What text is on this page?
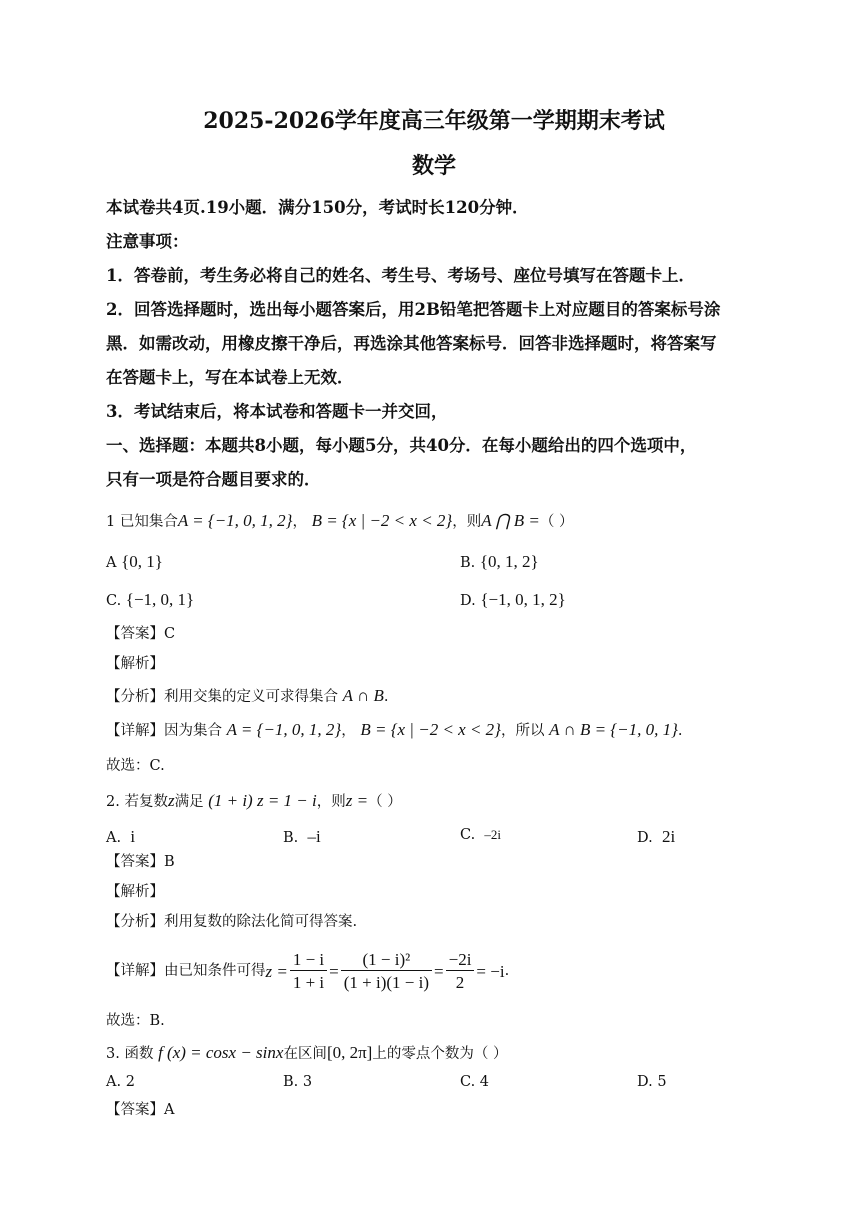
2025-2026学年度高三年级第一学期期末考试
数学
本试卷共4页.19小题．满分150分，考试时长120分钟．
注意事项：
1．答卷前，考生务必将自己的姓名、考生号、考场号、座位号填写在答题卡上．
2．回答选择题时，选出每小题答案后，用2B铅笔把答题卡上对应题目的答案标号涂
黑．如需改动，用橡皮擦干净后，再选涂其他答案标号．回答非选择题时，将答案写
在答题卡上，写在本试卷上无效．
3．考试结束后，将本试卷和答题卡一并交回，
一、选择题：本题共8小题，每小题5分，共40分．在每小题给出的四个选项中，
只有一项是符合题目要求的．
1 已知集合A = {−1, 0, 1, 2}， B = {x | −2 < x < 2}，则A ⋂ B =（ ）
A {0, 1}	B. {0, 1, 2}
C. {−1, 0, 1}	D. {−1, 0, 1, 2}
【答案】C
【解析】
【分析】利用交集的定义可求得集合 A ∩ B.
【详解】因为集合 A = {−1, 0, 1, 2}， B = {x | −2 < x < 2}，所以 A ∩ B = {−1, 0, 1}.
故选：C.
2. 若复数z满足 (1 + i) z = 1 − i，则z =（ ）
A. i	B. –i	C. –2i	D. 2i
【答案】B
【解析】
【分析】利用复数的除法化简可得答案.
【详解】由已知条件可得 $z = \frac{1 - i}{1 + i} = \frac{\text{(1 − i)²}}{(1 + i)(1 - i)} = \frac{-2i}{2} = -i$ .
故选：B.
3. 函数 f (x) = cosx − sinx在区间[0, 2π]上的零点个数为（ ）
A. 2	B. 3	C. 4	D. 5
【答案】A
